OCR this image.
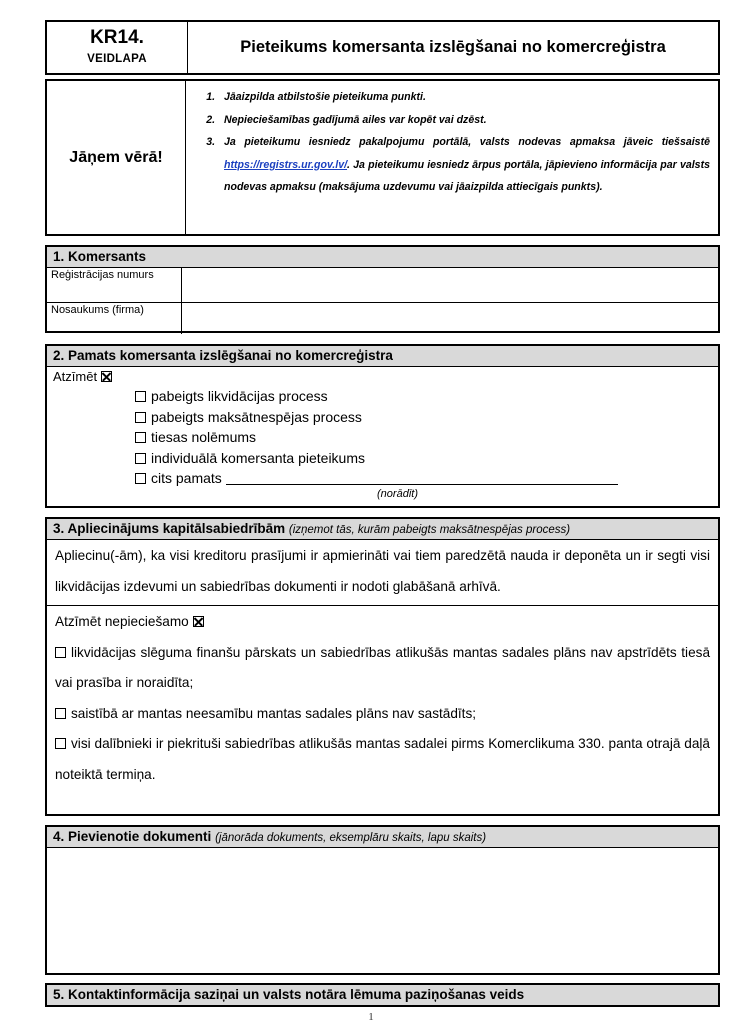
KR14.
VEIDLAPA
Pieteikums komersanta izslēgšanai no komercreģistra
Jāņem vērā!
1. Jāaizpilda atbilstošie pieteikuma punkti.
2. Nepieciešamības gadījumā ailes var kopēt vai dzēst.
3. Ja pieteikumu iesniedz pakalpojumu portālā, valsts nodevas apmaksa jāveic tiešsaistē https://registrs.ur.gov.lv/. Ja pieteikumu iesniedz ārpus portāla, jāpievieno informācija par valsts nodevas apmaksu (maksājuma uzdevumu vai jāaizpilda attiecīgais punkts).
1. Komersants
Reģistrācijas numurs	
Nosaukums (firma)	
2. Pamats komersanta izslēgšanai no komercreģistra
Atzīmēt
pabeigts likvidācijas process
pabeigts maksātnespējas process
tiesas nolēmums
individuālā komersanta pieteikums
cits pamats
(norādīt)
3. Apliecinājums kapitālsabiedrībām (izņemot tās, kurām pabeigts maksātnespējas process)
Apliecinu(-ām), ka visi kreditoru prasījumi ir apmierināti vai tiem paredzētā nauda ir deponēta un ir segti visi likvidācijas izdevumi un sabiedrības dokumenti ir nodoti glabāšanā arhīvā.
Atzīmēt nepieciešamo
likvidācijas slēguma finanšu pārskats un sabiedrības atlikušās mantas sadales plāns nav apstrīdēts tiesā vai prasība ir noraidīta;
saistībā ar mantas neesamību mantas sadales plāns nav sastādīts;
visi dalībnieki ir piekrituši sabiedrības atlikušās mantas sadalei pirms Komerclikuma 330. panta otrajā daļā noteiktā termiņa.
4. Pievienotie dokumenti (jānorāda dokuments, eksemplāru skaits, lapu skaits)
5. Kontaktinformācija saziņai un valsts notāra lēmuma paziņošanas veids
1
